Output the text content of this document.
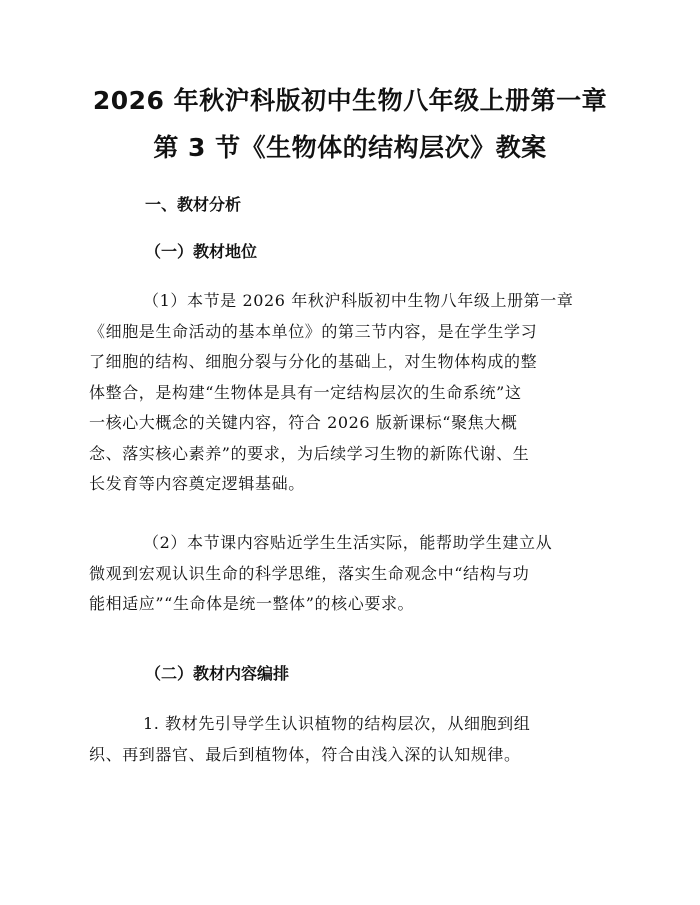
2026 年秋沪科版初中生物八年级上册第一章
第 3 节《生物体的结构层次》教案
一、教材分析
（一）教材地位

（1）本节是 2026 年秋沪科版初中生物八年级上册第一章
《细胞是生命活动的基本单位》的第三节内容，是在学生学习
了细胞的结构、细胞分裂与分化的基础上，对生物体构成的整
体整合，是构建“生物体是具有一定结构层次的生命系统”这
一核心大概念的关键内容，符合 2026 版新课标“聚焦大概
念、落实核心素养”的要求，为后续学习生物的新陈代谢、生
长发育等内容奠定逻辑基础。

（2）本节课内容贴近学生生活实际，能帮助学生建立从
微观到宏观认识生命的科学思维，落实生命观念中“结构与功
能相适应”“生命体是统一整体”的核心要求。

（二）教材内容编排

1. 教材先引导学生认识植物的结构层次，从细胞到组
织、再到器官、最后到植物体，符合由浅入深的认知规律。
